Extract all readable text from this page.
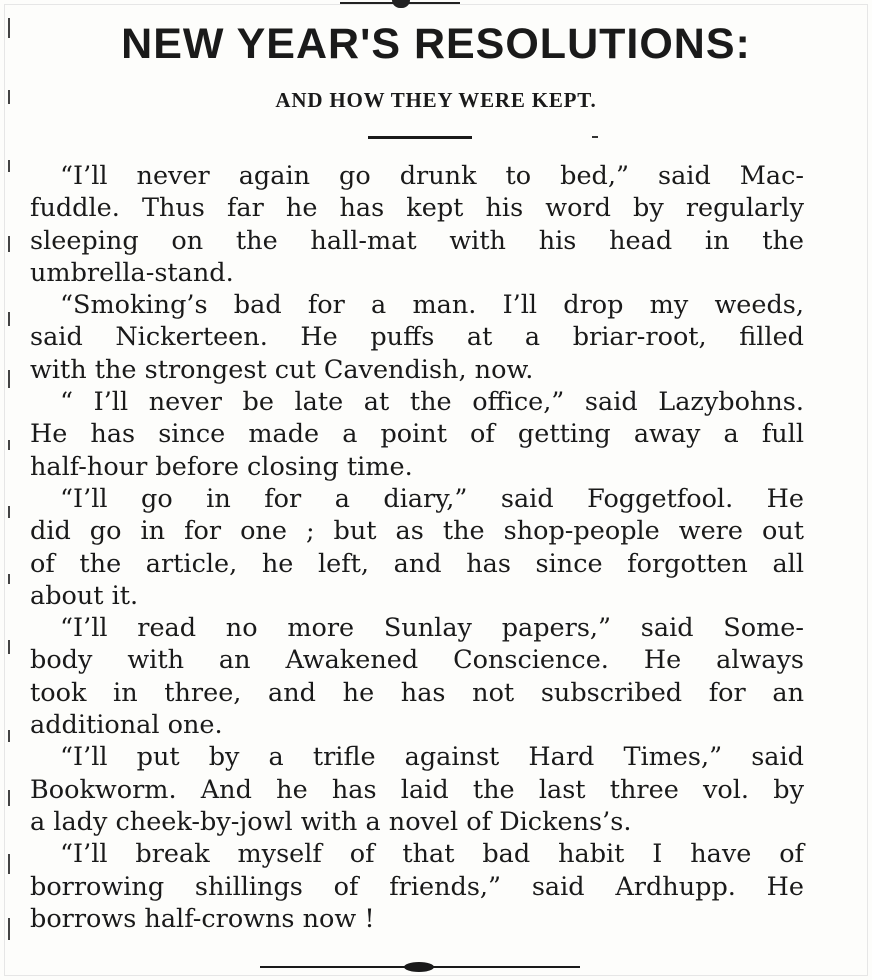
NEW YEAR'S RESOLUTIONS:
AND HOW THEY WERE KEPT.
“I’ll never again go drunk to bed,” said Mac-
fuddle. Thus far he has kept his word by regularly
sleeping on the hall-mat with his head in the
umbrella-stand.
“Smoking’s bad for a man. I’ll drop my weeds,
said Nickerteen. He puffs at a briar-root, filled
with the strongest cut Cavendish, now.
“ I’ll never be late at the office,” said Lazybohns.
He has since made a point of getting away a full
half-hour before closing time.
“I’ll go in for a diary,” said Foggetfool. He
did go in for one ; but as the shop-people were out
of the article, he left, and has since forgotten all
about it.
“I’ll read no more Sunlay papers,” said Some-
body with an Awakened Conscience. He always
took in three, and he has not subscribed for an
additional one.
“I’ll put by a trifle against Hard Times,” said
Bookworm. And he has laid the last three vol. by
a lady cheek-by-jowl with a novel of Dickens’s.
“I’ll break myself of that bad habit I have of
borrowing shillings of friends,” said Ardhupp. He
borrows half-crowns now !
